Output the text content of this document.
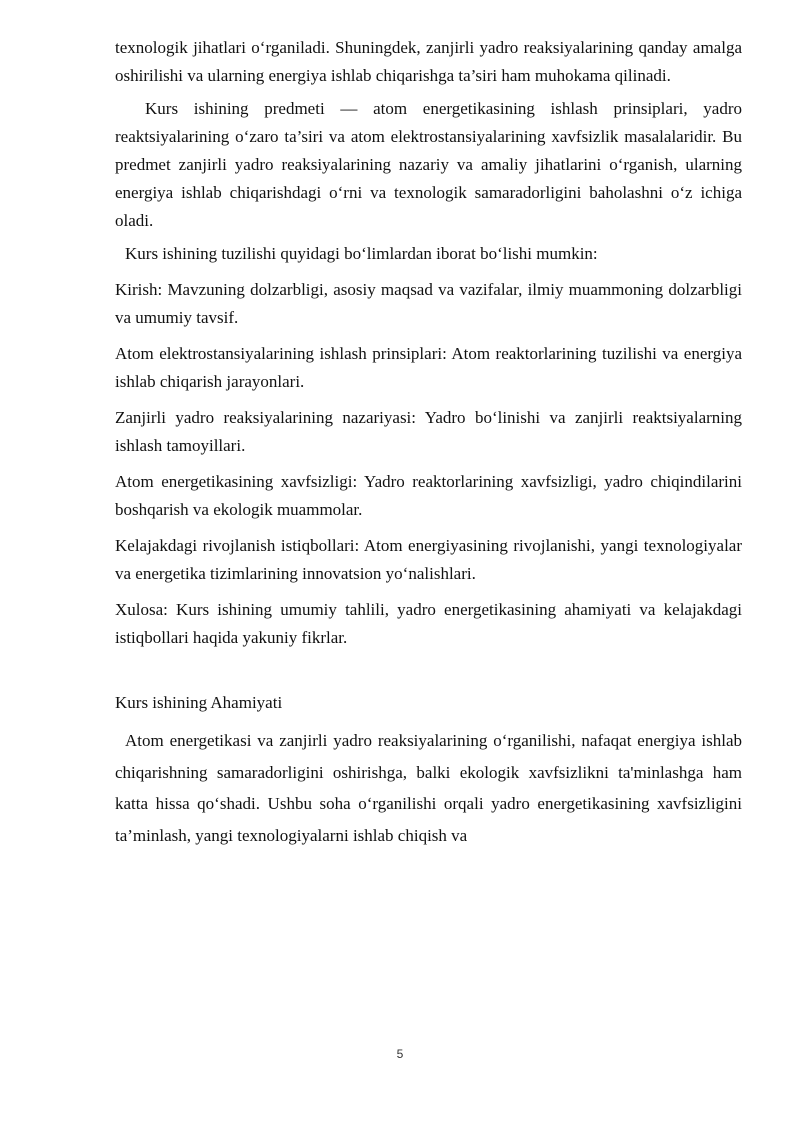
texnologik jihatlari o‘rganiladi. Shuningdek, zanjirli yadro reaksiyalarining qanday amalga oshirilishi va ularning energiya ishlab chiqarishga ta’siri ham muhokama qilinadi.

Kurs ishining predmeti — atom energetikasining ishlash prinsiplari, yadro reaktsiyalarining o‘zaro ta’siri va atom elektrostansiyalarining xavfsizlik masalalaridir. Bu predmet zanjirli yadro reaksiyalarining nazariy va amaliy jihatlarini o‘rganish, ularning energiya ishlab chiqarishdagi o‘rni va texnologik samaradorligini baholashni o‘z ichiga oladi.

Kurs ishining tuzilishi quyidagi bo‘limlardan iborat bo‘lishi mumkin:

Kirish: Mavzuning dolzarbligi, asosiy maqsad va vazifalar, ilmiy muammoning dolzarbligi va umumiy tavsif.

Atom elektrostansiyalarining ishlash prinsiplari: Atom reaktorlarining tuzilishi va energiya ishlab chiqarish jarayonlari.

Zanjirli yadro reaksiyalarining nazariyasi: Yadro bo‘linishi va zanjirli reaktsiyalarning ishlash tamoyillari.

Atom energetikasining xavfsizligi: Yadro reaktorlarining xavfsizligi, yadro chiqindilarini boshqarish va ekologik muammolar.

Kelajakdagi rivojlanish istiqbollari: Atom energiyasining rivojlanishi, yangi texnologiyalar va energetika tizimlarining innovatsion yo‘nalishlari.

Xulosa: Kurs ishining umumiy tahlili, yadro energetikasining ahamiyati va kelajakdagi istiqbollari haqida yakuniy fikrlar.

Kurs ishining Ahamiyati

Atom energetikasi va zanjirli yadro reaksiyalarining o‘rganilishi, nafaqat energiya ishlab chiqarishning samaradorligini oshirishga, balki ekologik xavfsizlikni ta'minlashga ham katta hissa qo‘shadi. Ushbu soha o‘rganilishi orqali yadro energetikasining xavfsizligini ta’minlash, yangi texnologiyalarni ishlab chiqish va

5
